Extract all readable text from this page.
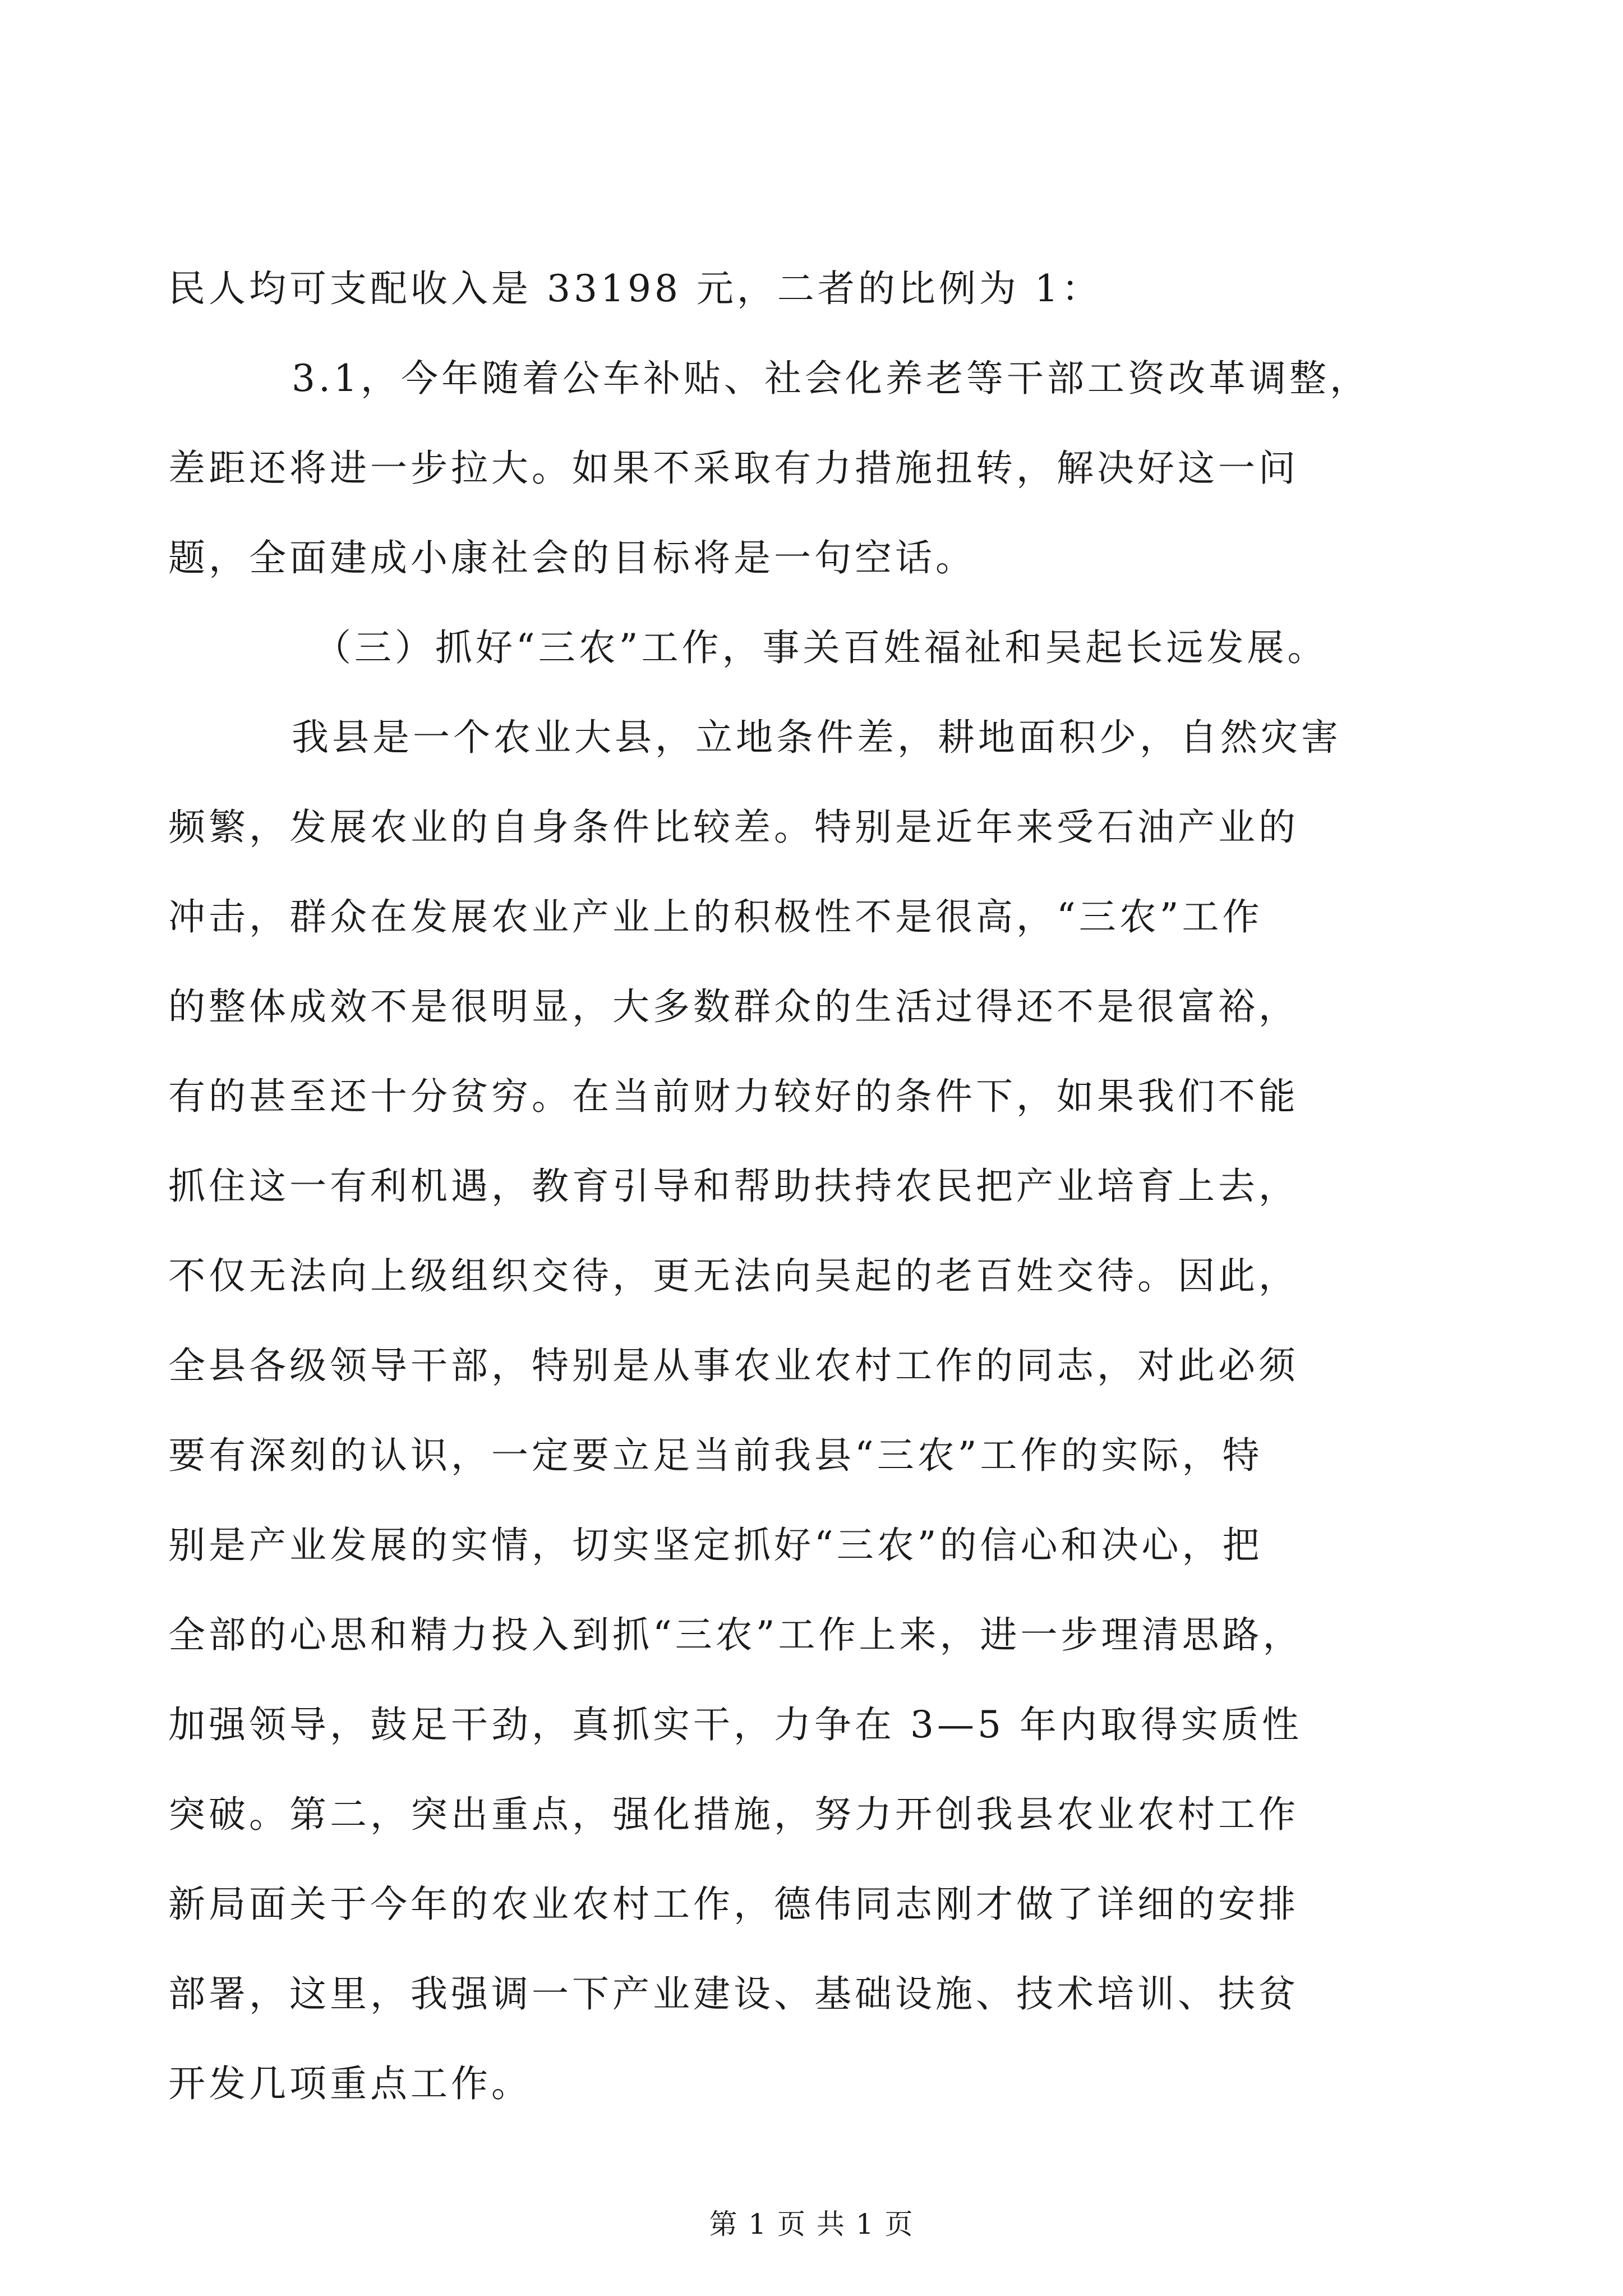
民人均可支配收入是 33198 元，二者的比例为 1：
3.1，今年随着公车补贴、社会化养老等干部工资改革调整，
差距还将进一步拉大。如果不采取有力措施扭转，解决好这一问
题，全面建成小康社会的目标将是一句空话。
（三）抓好“三农”工作，事关百姓福祉和吴起长远发展。
我县是一个农业大县，立地条件差，耕地面积少，自然灾害
频繁，发展农业的自身条件比较差。特别是近年来受石油产业的
冲击，群众在发展农业产业上的积极性不是很高，“三农”工作
的整体成效不是很明显，大多数群众的生活过得还不是很富裕，
有的甚至还十分贫穷。在当前财力较好的条件下，如果我们不能
抓住这一有利机遇，教育引导和帮助扶持农民把产业培育上去，
不仅无法向上级组织交待，更无法向吴起的老百姓交待。因此，
全县各级领导干部，特别是从事农业农村工作的同志，对此必须
要有深刻的认识，一定要立足当前我县“三农”工作的实际，特
别是产业发展的实情，切实坚定抓好“三农”的信心和决心，把
全部的心思和精力投入到抓“三农”工作上来，进一步理清思路，
加强领导，鼓足干劲，真抓实干，力争在 3—5 年内取得实质性
突破。第二，突出重点，强化措施，努力开创我县农业农村工作
新局面关于今年的农业农村工作，德伟同志刚才做了详细的安排
部署，这里，我强调一下产业建设、基础设施、技术培训、扶贫
开发几项重点工作。
第 1 页 共 1 页
